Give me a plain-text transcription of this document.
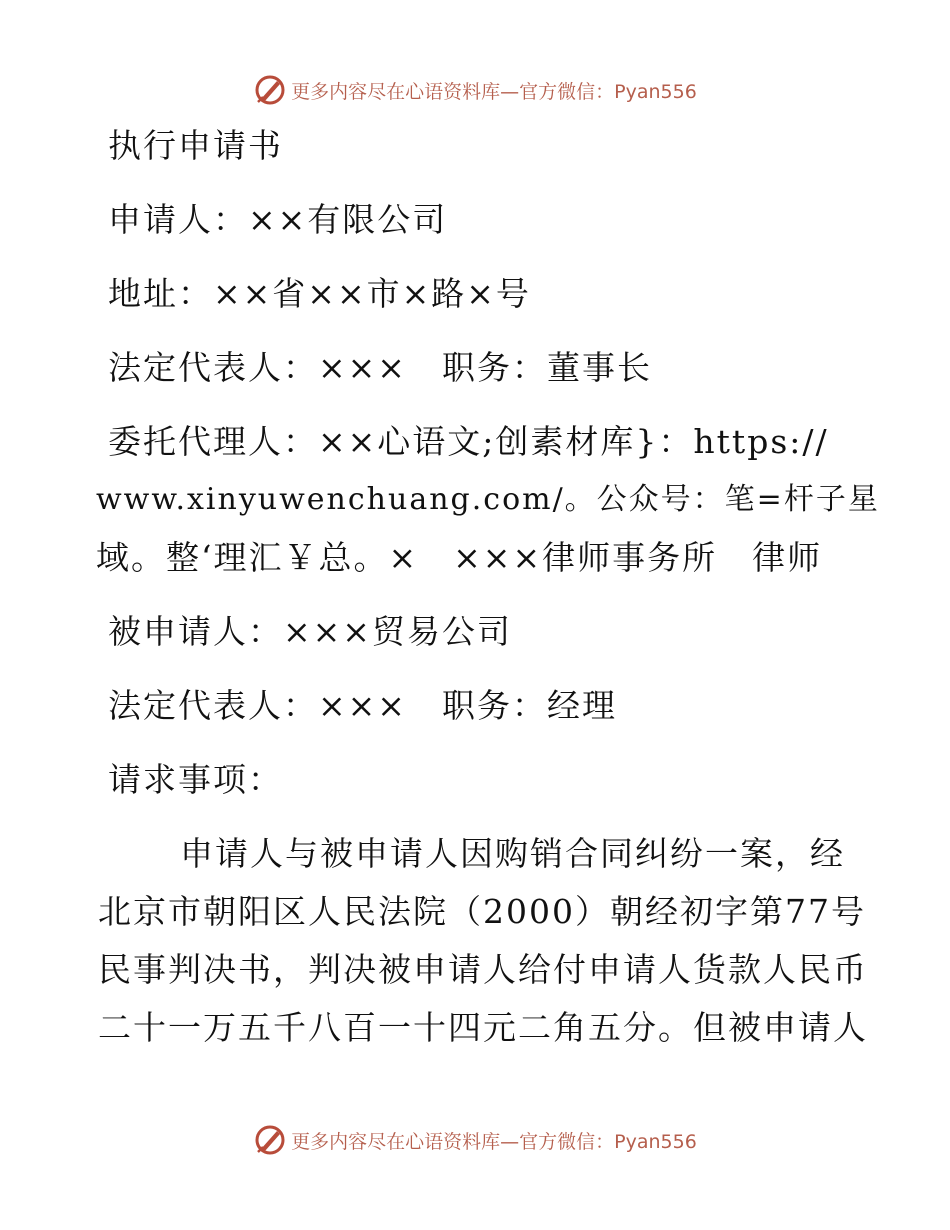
更多内容尽在心语资料库—官方微信：Pyan556
执行申请书
申请人：××有限公司
地址：××省××市×路×号
法定代表人：×××　职务：董事长
委托代理人：××心语文;创素材库}：https://
www.xinyuwenchuang.com/。公众号：笔=杆子星
域。整‘理汇￥总。×　×××律师事务所　律师
被申请人：×××贸易公司
法定代表人：×××　职务：经理
请求事项：
申请人与被申请人因购销合同纠纷一案，经
北京市朝阳区人民法院（2000）朝经初字第77号
民事判决书，判决被申请人给付申请人货款人民币
二十一万五千八百一十四元二角五分。但被申请人
更多内容尽在心语资料库—官方微信：Pyan556
